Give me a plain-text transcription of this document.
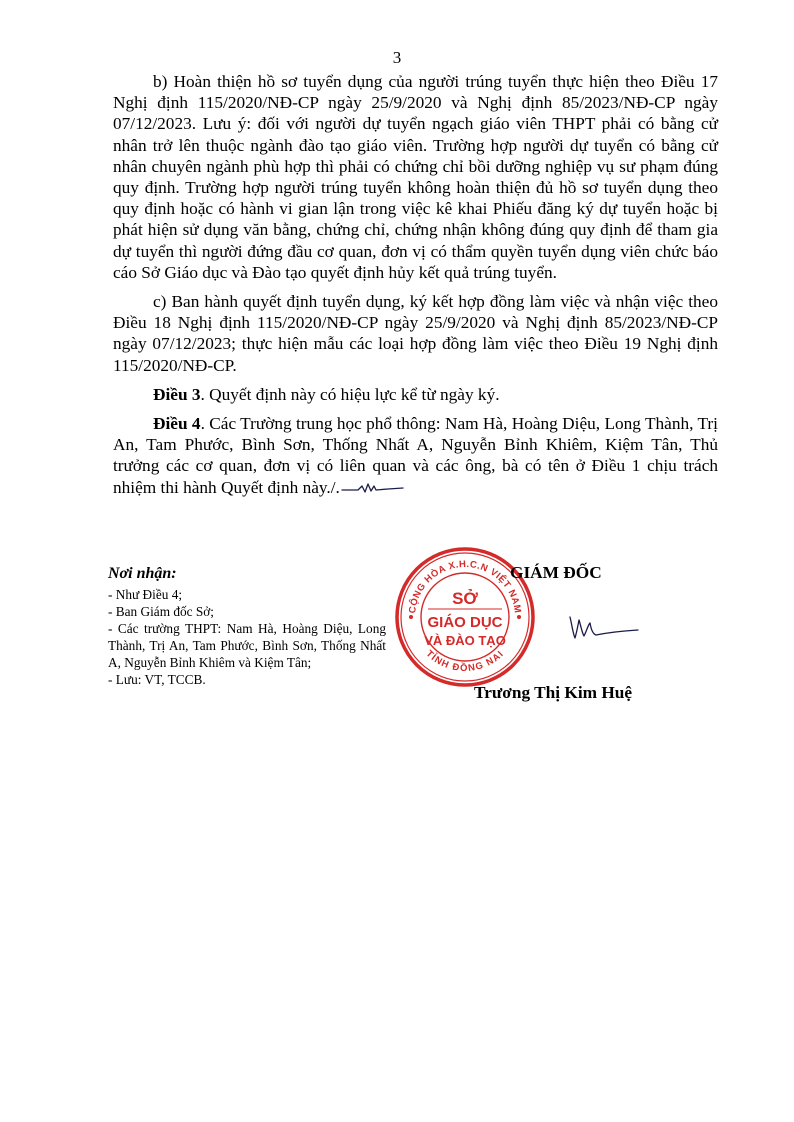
3

b) Hoàn thiện hồ sơ tuyển dụng của người trúng tuyển thực hiện theo Điều 17 Nghị định 115/2020/NĐ-CP ngày 25/9/2020 và Nghị định 85/2023/NĐ-CP ngày 07/12/2023. Lưu ý: đối với người dự tuyển ngạch giáo viên THPT phải có bằng cử nhân trở lên thuộc ngành đào tạo giáo viên. Trường hợp người dự tuyển có bằng cử nhân chuyên ngành phù hợp thì phải có chứng chỉ bồi dưỡng nghiệp vụ sư phạm đúng quy định. Trường hợp người trúng tuyển không hoàn thiện đủ hồ sơ tuyển dụng theo quy định hoặc có hành vi gian lận trong việc kê khai Phiếu đăng ký dự tuyển hoặc bị phát hiện sử dụng văn bằng, chứng chỉ, chứng nhận không đúng quy định để tham gia dự tuyển thì người đứng đầu cơ quan, đơn vị có thẩm quyền tuyển dụng viên chức báo cáo Sở Giáo dục và Đào tạo quyết định hủy kết quả trúng tuyển.

c) Ban hành quyết định tuyển dụng, ký kết hợp đồng làm việc và nhận việc theo Điều 18 Nghị định 115/2020/NĐ-CP ngày 25/9/2020 và Nghị định 85/2023/NĐ-CP ngày 07/12/2023; thực hiện mẫu các loại hợp đồng làm việc theo Điều 19 Nghị định 115/2020/NĐ-CP.

Điều 3. Quyết định này có hiệu lực kể từ ngày ký.

Điều 4. Các Trường trung học phổ thông: Nam Hà, Hoàng Diệu, Long Thành, Trị An, Tam Phước, Bình Sơn, Thống Nhất A, Nguyễn Bỉnh Khiêm, Kiệm Tân, Thủ trưởng các cơ quan, đơn vị có liên quan và các ông, bà có tên ở Điều 1 chịu trách nhiệm thi hành Quyết định này./.

Nơi nhận:
- Như Điều 4;
- Ban Giám đốc Sở;
- Các trường THPT: Nam Hà, Hoàng Diệu, Long Thành, Trị An, Tam Phước, Bình Sơn, Thống Nhất A, Nguyễn Bỉnh Khiêm và Kiệm Tân;
- Lưu: VT, TCCB.
CỘNG HÒA X.H.C.N VIỆT NAM
TỈNH ĐỒNG NAI
SỞ
GIÁO DỤC
VÀ ĐÀO TẠO
GIÁM ĐỐC
Trương Thị Kim Huệ
